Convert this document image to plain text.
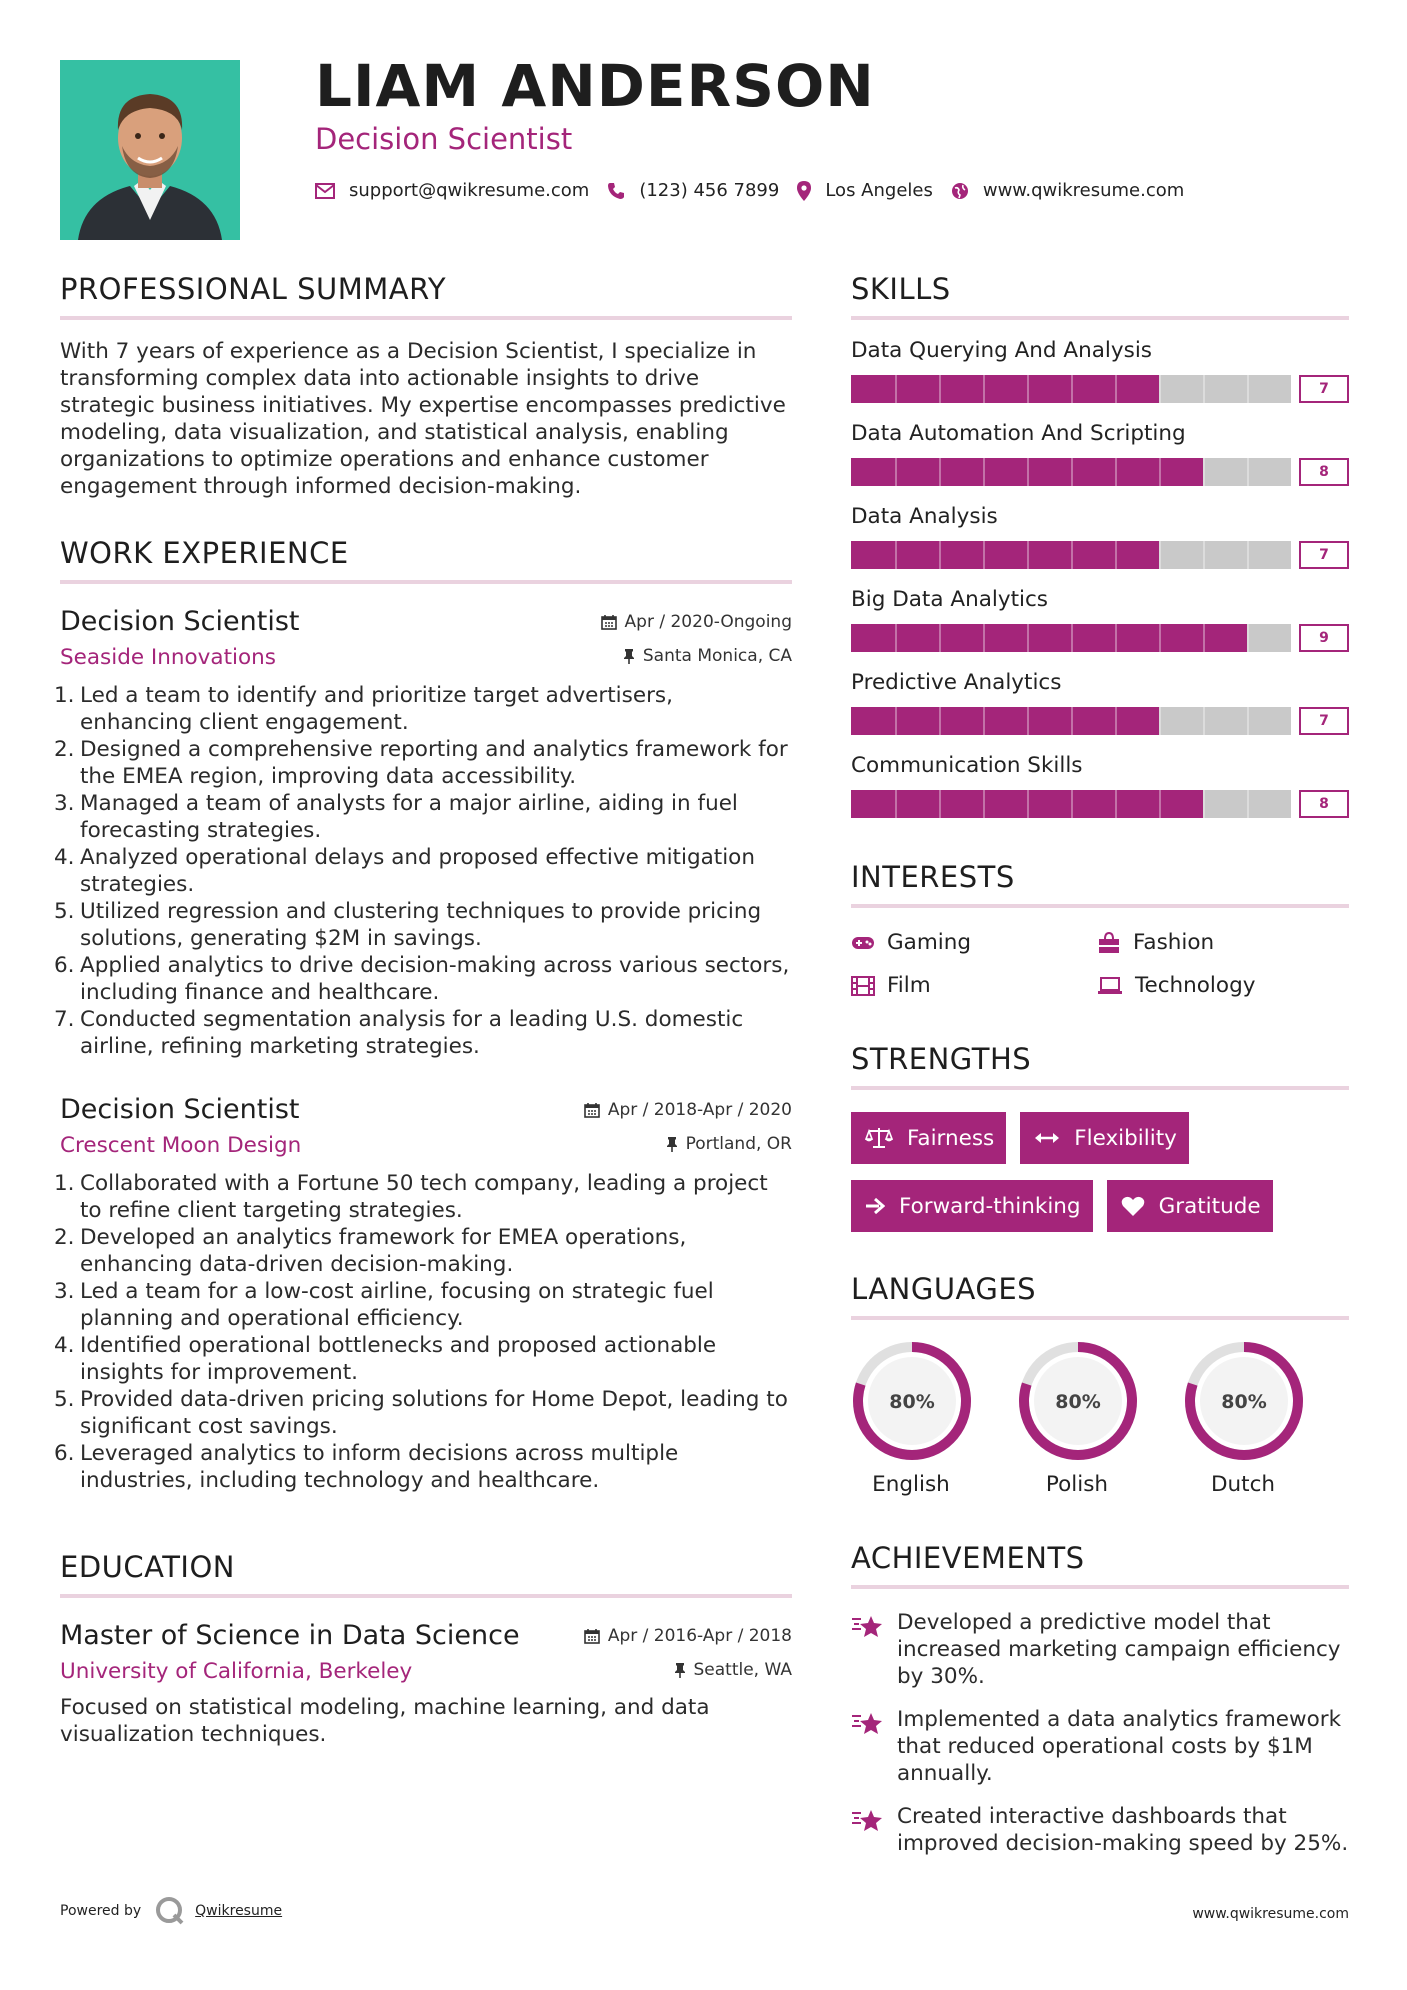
LIAM ANDERSON
Decision Scientist
support@qwikresume.com	(123) 456 7899	Los Angeles	www.qwikresume.com
PROFESSIONAL SUMMARY
With 7 years of experience as a Decision Scientist, I specialize in transforming complex data into actionable insights to drive strategic business initiatives. My expertise encompasses predictive modeling, data visualization, and statistical analysis, enabling organizations to optimize operations and enhance customer engagement through informed decision-making.
WORK EXPERIENCE
Decision Scientist	Apr / 2020-Ongoing
Seaside Innovations	Santa Monica, CA
1. Led a team to identify and prioritize target advertisers, enhancing client engagement.
2. Designed a comprehensive reporting and analytics framework for the EMEA region, improving data accessibility.
3. Managed a team of analysts for a major airline, aiding in fuel forecasting strategies.
4. Analyzed operational delays and proposed effective mitigation strategies.
5. Utilized regression and clustering techniques to provide pricing solutions, generating $2M in savings.
6. Applied analytics to drive decision-making across various sectors, including finance and healthcare.
7. Conducted segmentation analysis for a leading U.S. domestic airline, refining marketing strategies.
Decision Scientist	Apr / 2018-Apr / 2020
Crescent Moon Design	Portland, OR
1. Collaborated with a Fortune 50 tech company, leading a project to refine client targeting strategies.
2. Developed an analytics framework for EMEA operations, enhancing data-driven decision-making.
3. Led a team for a low-cost airline, focusing on strategic fuel planning and operational efficiency.
4. Identified operational bottlenecks and proposed actionable insights for improvement.
5. Provided data-driven pricing solutions for Home Depot, leading to significant cost savings.
6. Leveraged analytics to inform decisions across multiple industries, including technology and healthcare.
EDUCATION
Master of Science in Data Science	Apr / 2016-Apr / 2018
University of California, Berkeley	Seattle, WA
Focused on statistical modeling, machine learning, and data visualization techniques.
SKILLS
Data Querying And Analysis
7
Data Automation And Scripting
8
Data Analysis
7
Big Data Analytics
9
Predictive Analytics
7
Communication Skills
8
INTERESTS
Gaming	Fashion
Film	Technology
STRENGTHS
Fairness	Flexibility
Forward-thinking	Gratitude
LANGUAGES
80%
English
80%
Polish
80%
Dutch
ACHIEVEMENTS
Developed a predictive model that increased marketing campaign efficiency by 30%.
Implemented a data analytics framework that reduced operational costs by $1M annually.
Created interactive dashboards that improved decision-making speed by 25%.
Powered by	Qwikresume	www.qwikresume.com
